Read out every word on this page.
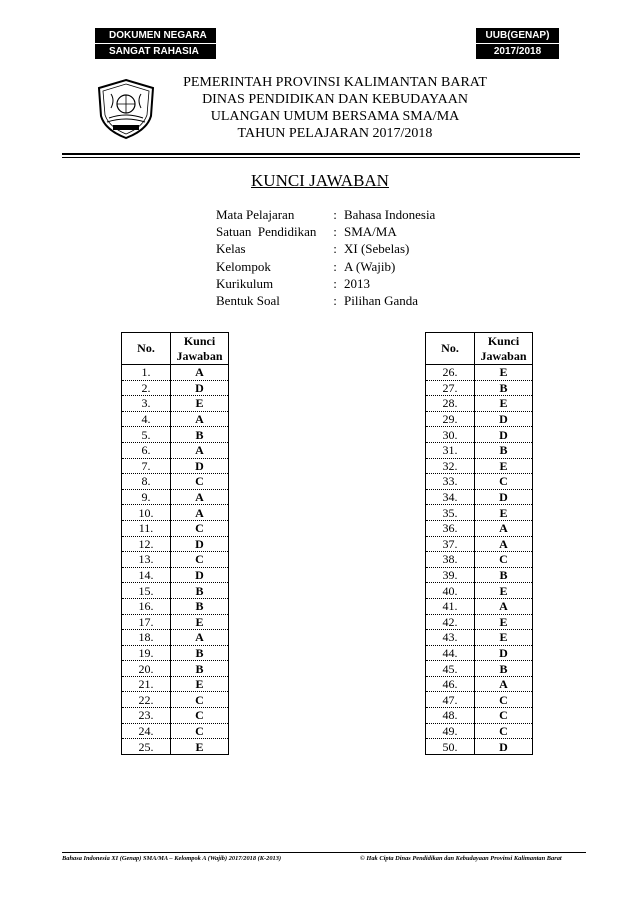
DOKUMEN NEGARA
SANGAT RAHASIA
UUB(GENAP)
2017/2018
PEMERINTAH PROVINSI KALIMANTAN BARAT
DINAS PENDIDIKAN DAN KEBUDAYAAN
ULANGAN UMUM BERSAMA SMA/MA
TAHUN PELAJARAN 2017/2018
KUNCI JAWABAN
Mata Pelajaran	: Bahasa Indonesia
Satuan  Pendidikan	: SMA/MA
Kelas	: XI (Sebelas)
Kelompok	: A (Wajib)
Kurikulum	: 2013
Bentuk Soal	: Pilihan Ganda
No.	Kunci
Jawaban

1.	A
2.	D
3.	E
4.	A
5.	B
6.	A
7.	D
8.	C
9.	A
10.	A
11.	C
12.	D
13.	C
14.	D
15.	B
16.	B
17.	E
18.	A
19.	B
20.	B
21.	E
22.	C
23.	C
24.	C
25.	E
No.	Kunci
Jawaban

26.	E
27.	B
28.	E
29.	D
30.	D
31.	B
32.	E
33.	C
34.	D
35.	E
36.	A
37.	A
38.	C
39.	B
40.	E
41.	A
42.	E
43.	E
44.	D
45.	B
46.	A
47.	C
48.	C
49.	C
50.	D
Bahasa Indonesia XI (Genap) SMA/MA – Kelompok A (Wajib) 2017/2018 (K-2013)	© Hak Cipta Dinas Pendidikan dan Kebudayaan Provinsi Kalimantan Barat
